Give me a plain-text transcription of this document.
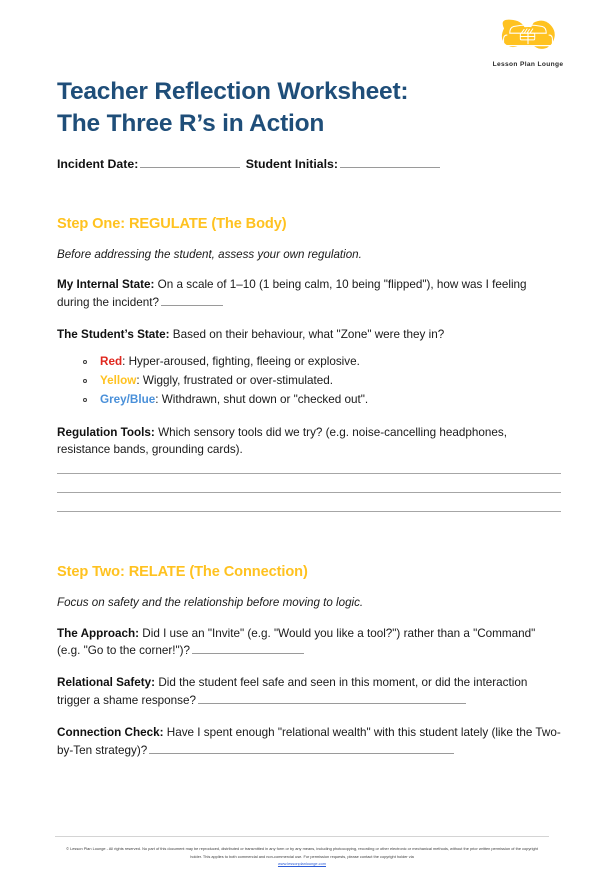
Lesson Plan Lounge
Teacher Reflection Worksheet:
The Three R’s in Action
Incident Date:	Student Initials:
Step One: REGULATE (The Body)

Before addressing the student, assess your own regulation.

My Internal State: On a scale of 1–10 (1 being calm, 10 being "flipped"), how was I feeling during the incident?

The Student’s State: Based on their behaviour, what "Zone" were they in?

Red: Hyper-aroused, fighting, fleeing or explosive.
Yellow: Wiggly, frustrated or over-stimulated.
Grey/Blue: Withdrawn, shut down or "checked out".

Regulation Tools: Which sensory tools did we try? (e.g. noise-cancelling headphones, resistance bands, grounding cards).

Step Two: RELATE (The Connection)

Focus on safety and the relationship before moving to logic.

The Approach: Did I use an "Invite" (e.g. "Would you like a tool?") rather than a "Command" (e.g. "Go to the corner!")?

Relational Safety: Did the student feel safe and seen in this moment, or did the interaction trigger a shame response?

Connection Check: Have I spent enough "relational wealth" with this student lately (like the Two-by-Ten strategy)?

© Lesson Plan Lounge - All rights reserved. No part of this document may be reproduced, distributed or transmitted in any form or by any means, including photocopying, recording or other electronic or mechanical methods, without the prior written permission of the copyright holder. This applies to both commercial and non-commercial use. For permission requests, please contact the copyright holder via
www.lessonplanlounge.com
